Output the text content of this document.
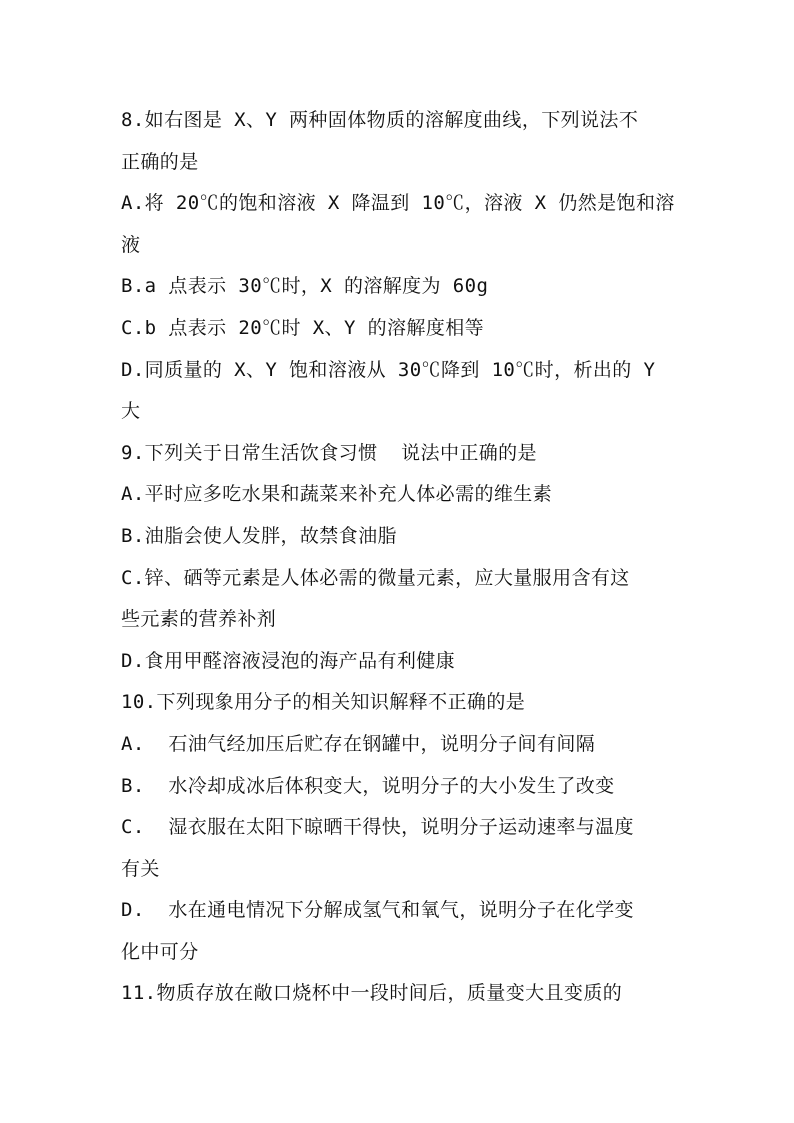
8.如右图是 X、Y 两种固体物质的溶解度曲线，下列说法不
正确的是
A.将 20℃的饱和溶液 X 降温到 10℃，溶液 X 仍然是饱和溶
液
B.a 点表示 30℃时，X 的溶解度为 60g
C.b 点表示 20℃时 X、Y 的溶解度相等
D.同质量的 X、Y 饱和溶液从 30℃降到 10℃时，析出的 Y
大
9.下列关于日常生活饮食习惯  说法中正确的是
A.平时应多吃水果和蔬菜来补充人体必需的维生素
B.油脂会使人发胖，故禁食油脂
C.锌、硒等元素是人体必需的微量元素，应大量服用含有这
些元素的营养补剂
D.食用甲醛溶液浸泡的海产品有利健康
10.下列现象用分子的相关知识解释不正确的是
A.  石油气经加压后贮存在钢罐中，说明分子间有间隔
B.  水冷却成冰后体积变大，说明分子的大小发生了改变
C.  湿衣服在太阳下晾晒干得快，说明分子运动速率与温度
有关
D.  水在通电情况下分解成氢气和氧气，说明分子在化学变
化中可分
11.物质存放在敞口烧杯中一段时间后，质量变大且变质的
